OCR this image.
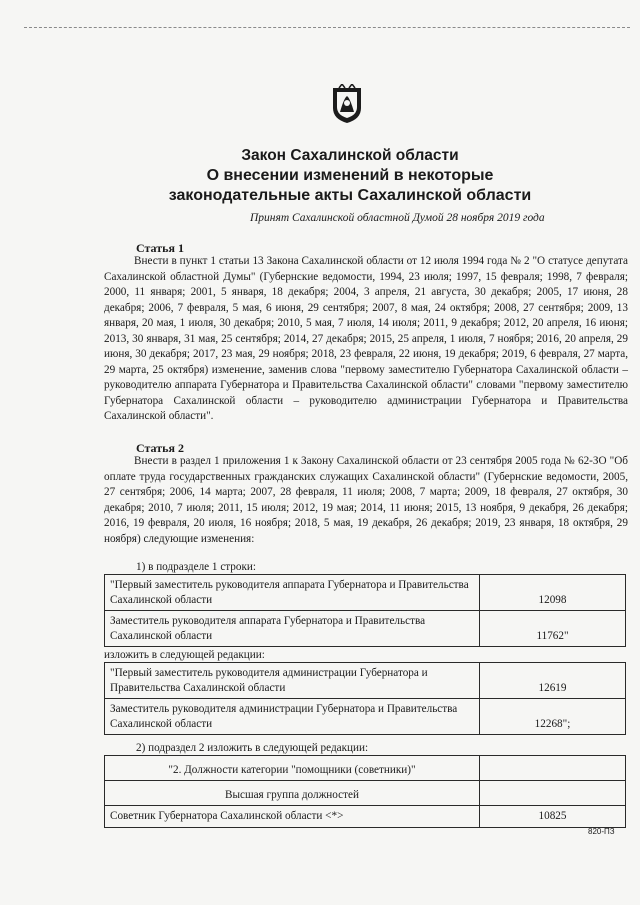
Закон Сахалинской области
О внесении изменений в некоторые
законодательные акты Сахалинской области
Принят Сахалинской областной Думой 28 ноября 2019 года
Статья 1
Внести в пункт 1 статьи 13 Закона Сахалинской области от 12 июля 1994 года № 2 "О статусе депутата Сахалинской областной Думы" (Губернские ведомости, 1994, 23 июля; 1997, 15 февраля; 1998, 7 февраля; 2000, 11 января; 2001, 5 января, 18 декабря; 2004, 3 апреля, 21 августа, 30 декабря; 2005, 17 июня, 28 декабря; 2006, 7 февраля, 5 мая, 6 июня, 29 сентября; 2007, 8 мая, 24 октября; 2008, 27 сентября; 2009, 13 января, 20 мая, 1 июля, 30 декабря; 2010, 5 мая, 7 июля, 14 июля; 2011, 9 декабря; 2012, 20 апреля, 16 июня; 2013, 30 января, 31 мая, 25 сентября; 2014, 27 декабря; 2015, 25 апреля, 1 июля, 7 ноября; 2016, 20 апреля, 29 июня, 30 декабря; 2017, 23 мая, 29 ноября; 2018, 23 февраля, 22 июня, 19 декабря; 2019, 6 февраля, 27 марта, 29 марта, 25 октября) изменение, заменив слова "первому заместителю Губернатора Сахалинской области – руководителю аппарата Губернатора и Правительства Сахалинской области" словами "первому заместителю Губернатора Сахалинской области – руководителю администрации Губернатора и Правительства Сахалинской области".
Статья 2
Внести в раздел 1 приложения 1 к Закону Сахалинской области от 23 сентября 2005 года № 62-ЗО "Об оплате труда государственных гражданских служащих Сахалинской области" (Губернские ведомости, 2005, 27 сентября; 2006, 14 марта; 2007, 28 февраля, 11 июля; 2008, 7 марта; 2009, 18 февраля, 27 октября, 30 декабря; 2010, 7 июля; 2011, 15 июля; 2012, 19 мая; 2014, 11 июня; 2015, 13 ноября, 9 декабря, 26 декабря; 2016, 19 февраля, 20 июля, 16 ноября; 2018, 5 мая, 19 декабря, 26 декабря; 2019, 23 января, 18 октября, 29 ноября) следующие изменения:
1) в подразделе 1 строки:
"Первый заместитель руководителя аппарата Губернатора и Правительства Сахалинской области	12098
Заместитель руководителя аппарата Губернатора и Правительства Сахалинской области	11762"
изложить в следующей редакции:
"Первый заместитель руководителя администрации Губернатора и Правительства Сахалинской области	12619
Заместитель руководителя администрации Губернатора и Правительства Сахалинской области	12268";
2) подраздел 2 изложить в следующей редакции:
"2. Должности категории "помощники (советники)"	
Высшая группа должностей	
Советник Губернатора Сахалинской области <*>	10825
820-ПЗ
